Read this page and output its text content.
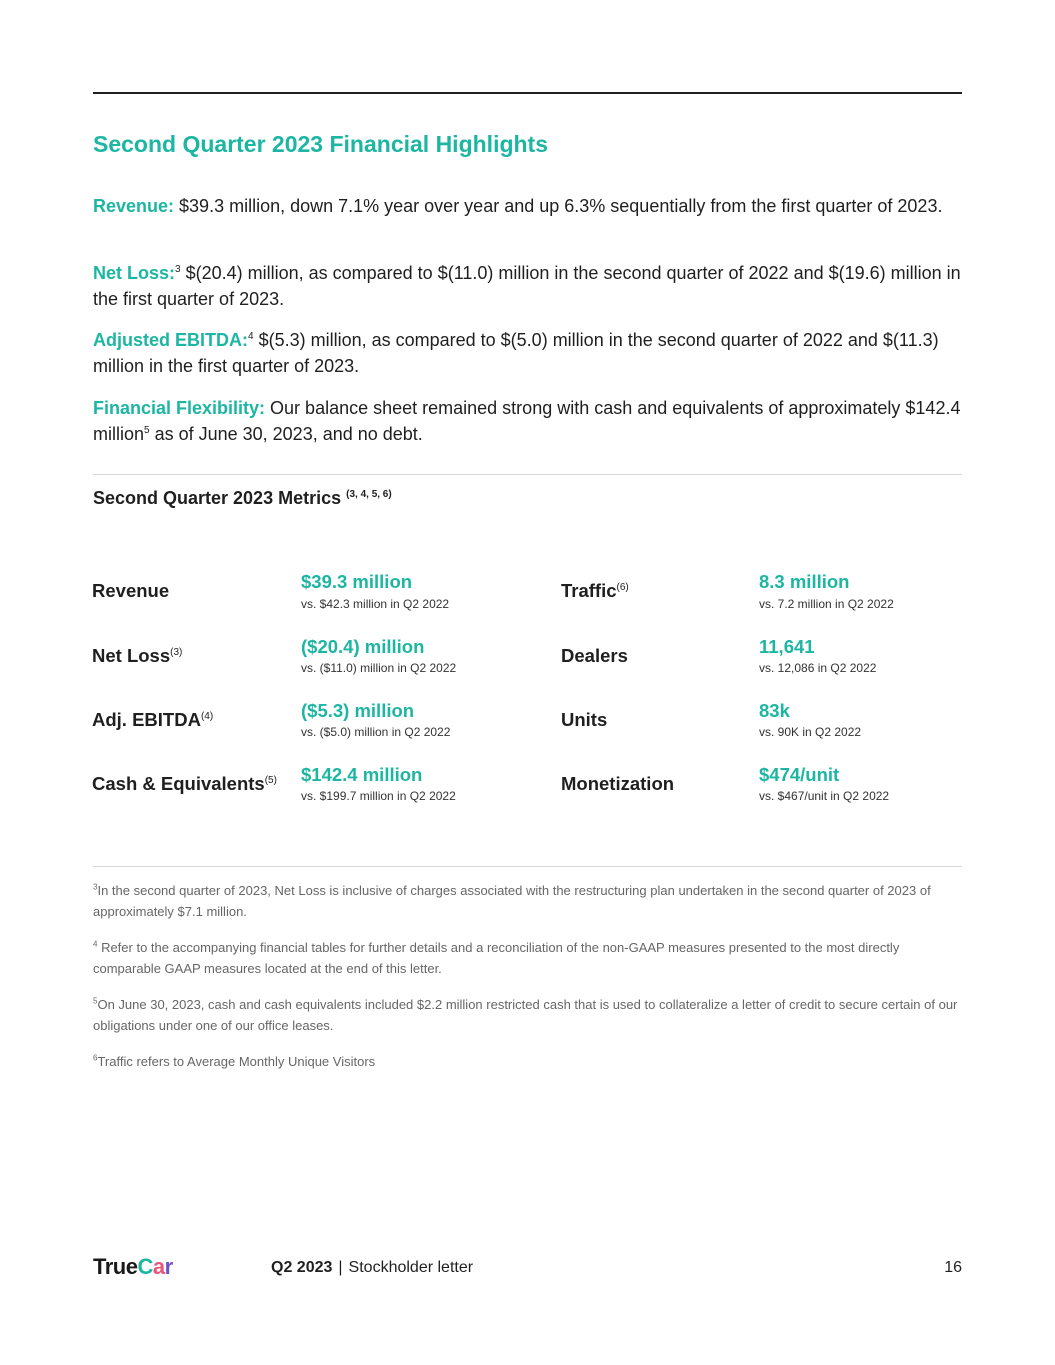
Second Quarter 2023 Financial Highlights
Revenue: $39.3 million, down 7.1% year over year and up 6.3% sequentially from the first quarter of 2023.
Net Loss:$^3$ $(20.4) million, as compared to $(11.0) million in the second quarter of 2022 and $(19.6) million in the first quarter of 2023.
Adjusted EBITDA:$^4$ $(5.3) million, as compared to $(5.0) million in the second quarter of 2022 and $(11.3) million in the first quarter of 2023.
Financial Flexibility: Our balance sheet remained strong with cash and equivalents of approximately $142.4 million$^5$ as of June 30, 2023, and no debt.
Second Quarter 2023 Metrics $^{(3, 4, 5, 6)}$
Revenue	$39.3 million
vs. $42.3 million in Q2 2022
Net Loss$^{(3)}$	($20.4) million
vs. ($11.0) million in Q2 2022
Adj. EBITDA$^{(4)}$	($5.3) million
vs. ($5.0) million in Q2 2022
Cash & Equivalents$^{(5)}$ $142.4 million
vs. $199.7 million in Q2 2022
Traffic$^{(6)}$	8.3 million
vs. 7.2 million in Q2 2022
Dealers	11,641
vs. 12,086 in Q2 2022
Units	83k
vs. 90K in Q2 2022
Monetization	$474/unit
vs. $467/unit in Q2 2022
$^3$In the second quarter of 2023, Net Loss is inclusive of charges associated with the restructuring plan undertaken in the second quarter of 2023 of approximately $7.1 million.
$^4$ Refer to the accompanying financial tables for further details and a reconciliation of the non-GAAP measures presented to the most directly comparable GAAP measures located at the end of this letter.
$^5$On June 30, 2023, cash and cash equivalents included $2.2 million restricted cash that is used to collateralize a letter of credit to secure certain of our obligations under one of our office leases.
$^6$Traffic refers to Average Monthly Unique Visitors
TrueCar	Q2 2023 | Stockholder letter	16
